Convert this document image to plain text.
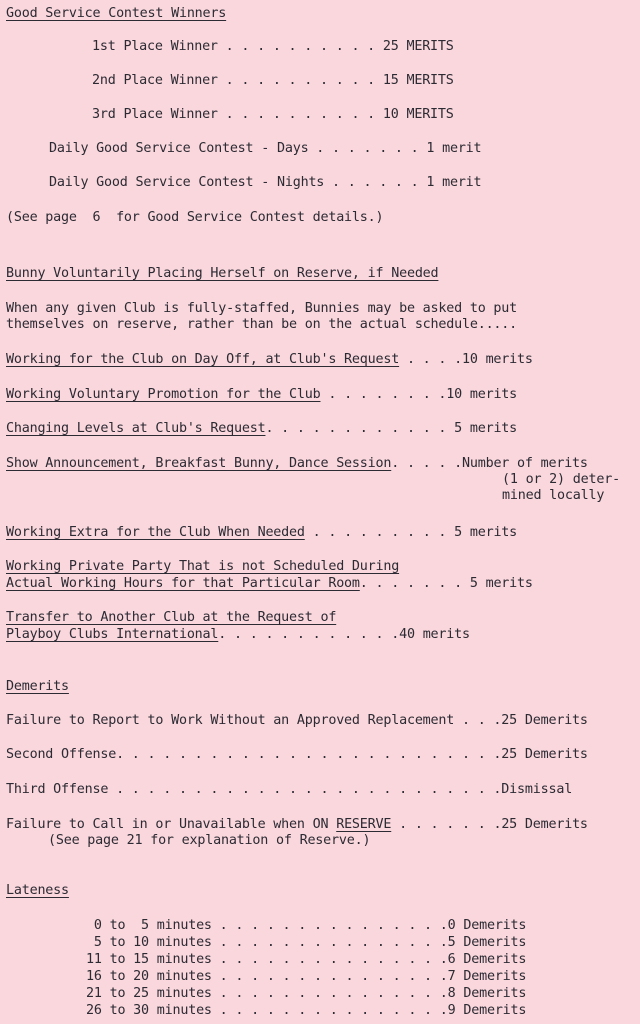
Good Service Contest Winners
1st Place Winner . . . . . . . . . . 25 MERITS
2nd Place Winner . . . . . . . . . . 15 MERITS
3rd Place Winner . . . . . . . . . . 10 MERITS
Daily Good Service Contest - Days . . . . . . . 1 merit
Daily Good Service Contest - Nights . . . . . . 1 merit
(See page  6  for Good Service Contest details.)
Bunny Voluntarily Placing Herself on Reserve, if Needed
When any given Club is fully-staffed, Bunnies may be asked to put
themselves on reserve, rather than be on the actual schedule.....
Working for the Club on Day Off, at Club's Request . . . .10 merits
Working Voluntary Promotion for the Club . . . . . . . .10 merits
Changing Levels at Club's Request. . . . . . . . . . . . 5 merits
Show Announcement, Breakfast Bunny, Dance Session. . . . .Number of merits
(1 or 2) deter-
mined locally
Working Extra for the Club When Needed . . . . . . . . . 5 merits
Working Private Party That is not Scheduled During
Actual Working Hours for that Particular Room. . . . . . . 5 merits
Transfer to Another Club at the Request of
Playboy Clubs International. . . . . . . . . . . .40 merits
Demerits
Failure to Report to Work Without an Approved Replacement . . .25 Demerits
Second Offense. . . . . . . . . . . . . . . . . . . . . . . . .25 Demerits
Third Offense . . . . . . . . . . . . . . . . . . . . . . . . .Dismissal
Failure to Call in or Unavailable when ON RESERVE . . . . . . .25 Demerits
(See page 21 for explanation of Reserve.)
Lateness
0 to  5 minutes . . . . . . . . . . . . . . .0 Demerits
5 to 10 minutes . . . . . . . . . . . . . . .5 Demerits
11 to 15 minutes . . . . . . . . . . . . . . .6 Demerits
16 to 20 minutes . . . . . . . . . . . . . . .7 Demerits
21 to 25 minutes . . . . . . . . . . . . . . .8 Demerits
26 to 30 minutes . . . . . . . . . . . . . . .9 Demerits
